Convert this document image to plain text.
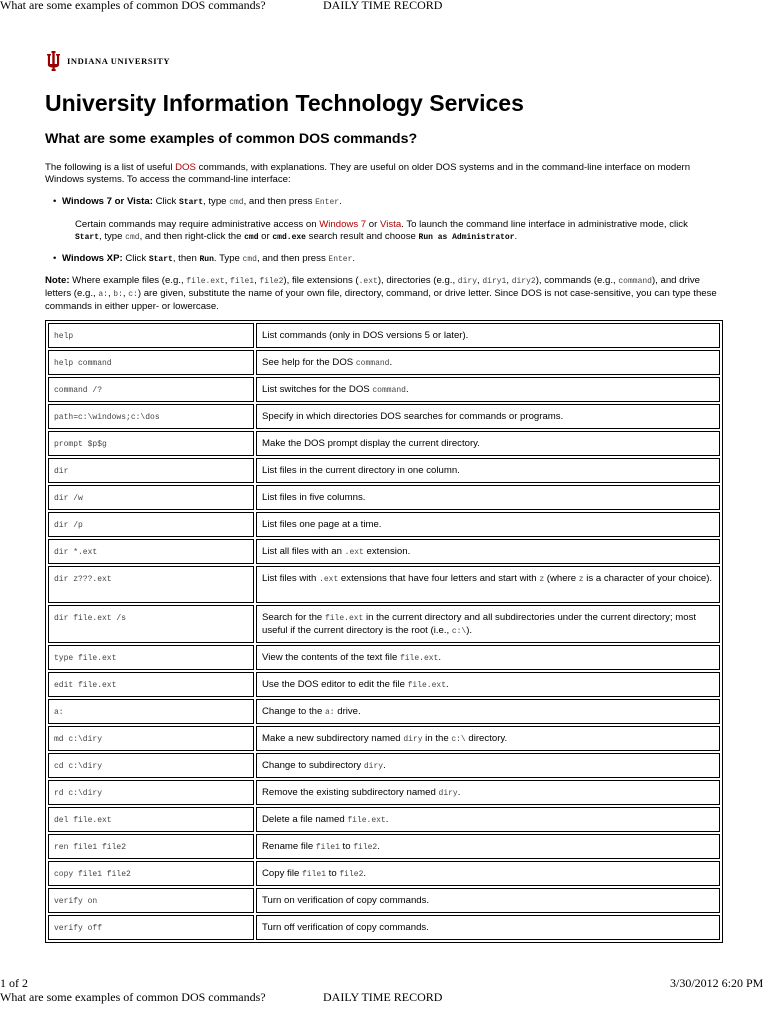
What are some examples of common DOS commands?	DAILY TIME RECORD
INDIANA UNIVERSITY
University Information Technology Services
What are some examples of common DOS commands?
The following is a list of useful DOS commands, with explanations. They are useful on older DOS systems and in the command-line interface on modern Windows systems. To access the command-line interface:
• Windows 7 or Vista: Click Start, type cmd, and then press Enter.
Certain commands may require administrative access on Windows 7 or Vista. To launch the command line interface in administrative mode, click Start, type cmd, and then right-click the cmd or cmd.exe search result and choose Run as Administrator.
• Windows XP: Click Start, then Run. Type cmd, and then press Enter.
Note: Where example files (e.g., file.ext, file1, file2), file extensions (.ext), directories (e.g., diry, diry1, diry2), commands (e.g., command), and drive letters (e.g., a:, b:, c:) are given, substitute the name of your own file, directory, command, or drive letter. Since DOS is not case-sensitive, you can type these commands in either upper- or lowercase.
help	List commands (only in DOS versions 5 or later).
help command	See help for the DOS command.
command /?	List switches for the DOS command.
path=c:\windows;c:\dos	Specify in which directories DOS searches for commands or programs.
prompt $p$g	Make the DOS prompt display the current directory.
dir	List files in the current directory in one column.
dir /w	List files in five columns.
dir /p	List files one page at a time.
dir *.ext	List all files with an .ext extension.
dir z???.ext	List files with .ext extensions that have four letters and start with z (where z is a character of your choice).
dir file.ext /s	Search for the file.ext in the current directory and all subdirectories under the current directory; most useful if the current directory is the root (i.e., c:\).
type file.ext	View the contents of the text file file.ext.
edit file.ext	Use the DOS editor to edit the file file.ext.
a:	Change to the a: drive.
md c:\diry	Make a new subdirectory named diry in the c:\ directory.
cd c:\diry	Change to subdirectory diry.
rd c:\diry	Remove the existing subdirectory named diry.
del file.ext	Delete a file named file.ext.
ren file1 file2	Rename file file1 to file2.
copy file1 file2	Copy file file1 to file2.
verify on	Turn on verification of copy commands.
verify off	Turn off verification of copy commands.
1 of 2	3/30/2012 6:20 PM
What are some examples of common DOS commands?	DAILY TIME RECORD
